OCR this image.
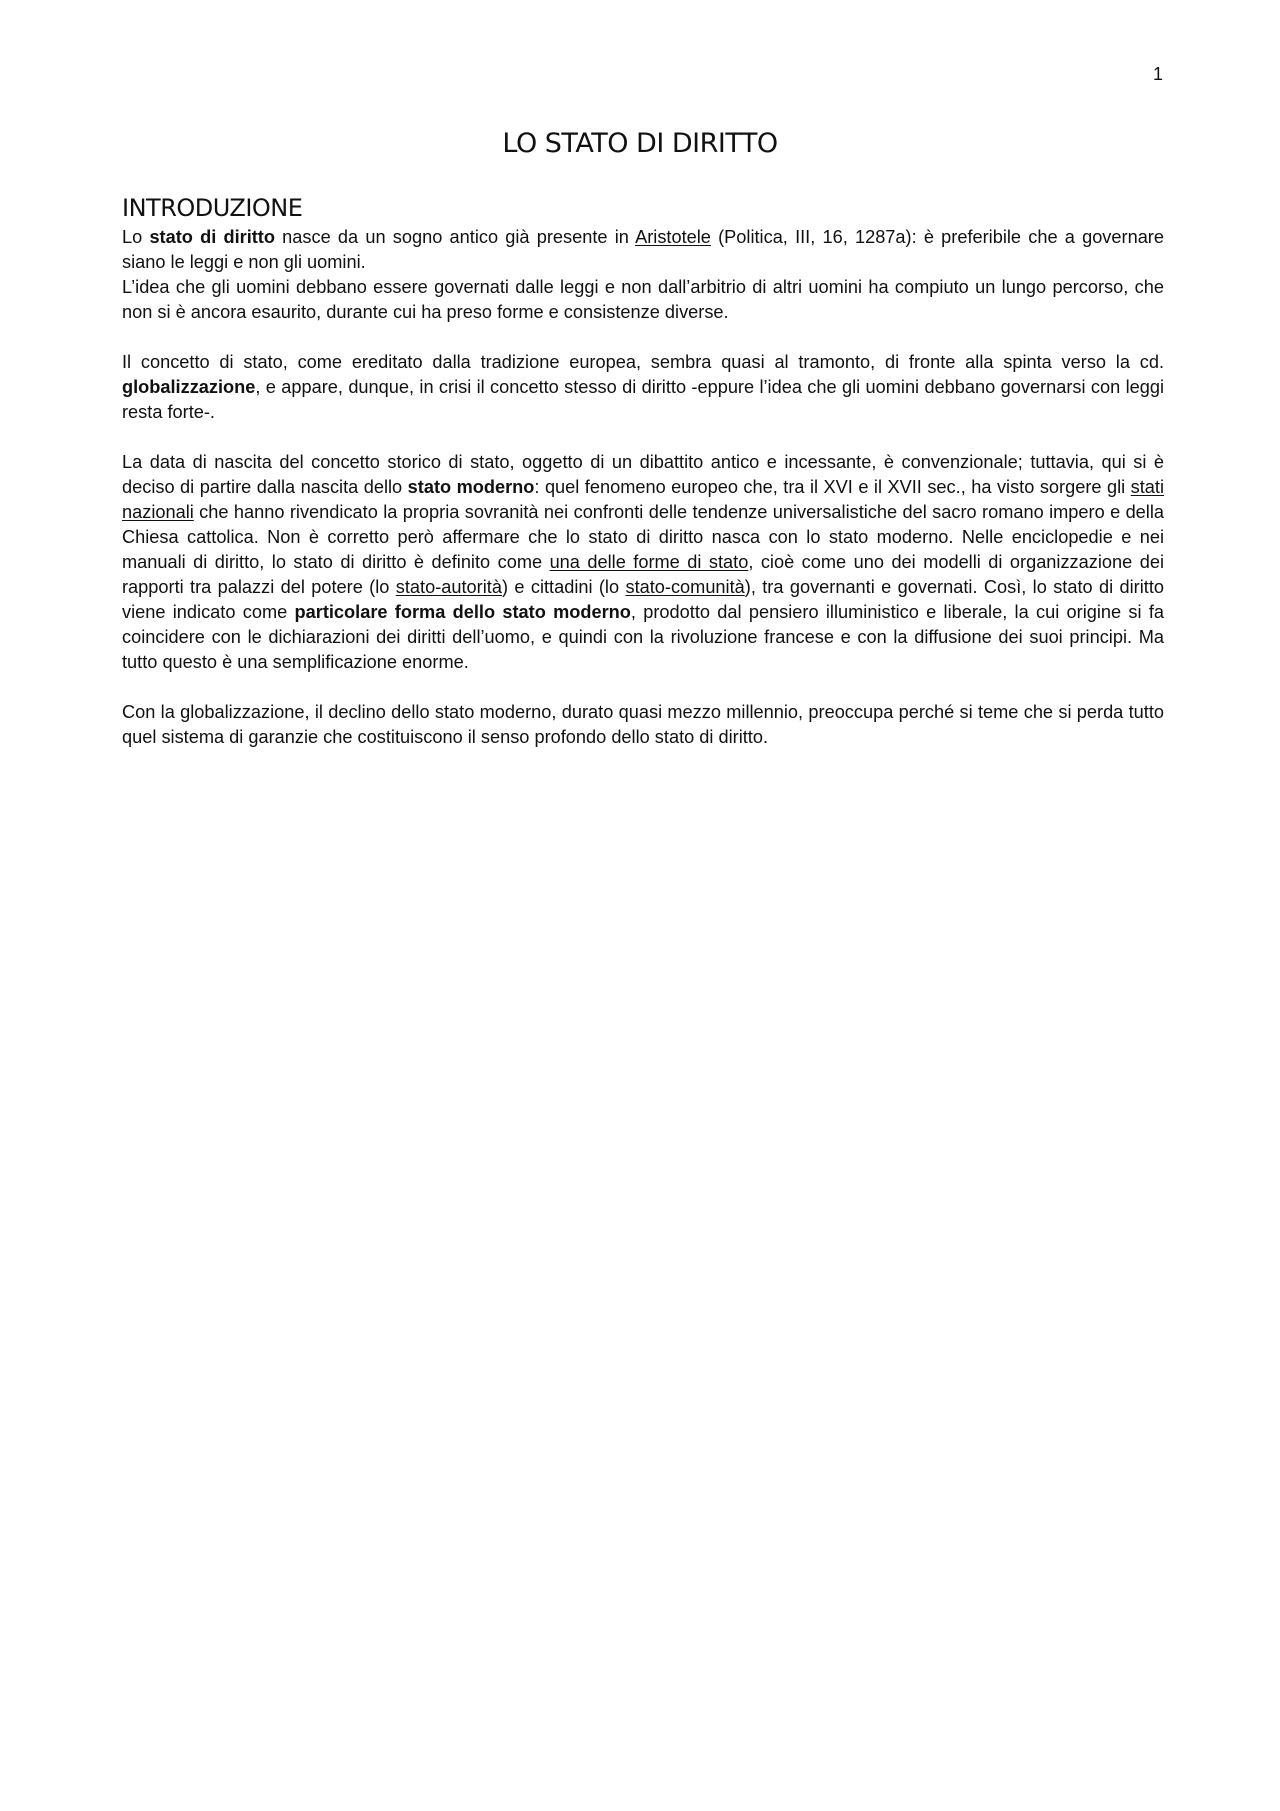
1
LO STATO DI DIRITTO
INTRODUZIONE

Lo stato di diritto nasce da un sogno antico già presente in Aristotele (Politica, III, 16, 1287a): è preferibile che a governare siano le leggi e non gli uomini.

L’idea che gli uomini debbano essere governati dalle leggi e non dall’arbitrio di altri uomini ha compiuto un lungo percorso, che non si è ancora esaurito, durante cui ha preso forme e consistenze diverse.

Il concetto di stato, come ereditato dalla tradizione europea, sembra quasi al tramonto, di fronte alla spinta verso la cd. globalizzazione, e appare, dunque, in crisi il concetto stesso di diritto -eppure l’idea che gli uomini debbano governarsi con leggi resta forte-.

La data di nascita del concetto storico di stato, oggetto di un dibattito antico e incessante, è convenzionale; tuttavia, qui si è deciso di partire dalla nascita dello stato moderno: quel fenomeno europeo che, tra il XVI e il XVII sec., ha visto sorgere gli stati nazionali che hanno rivendicato la propria sovranità nei confronti delle tendenze universalistiche del sacro romano impero e della Chiesa cattolica. Non è corretto però affermare che lo stato di diritto nasca con lo stato moderno. Nelle enciclopedie e nei manuali di diritto, lo stato di diritto è definito come una delle forme di stato, cioè come uno dei modelli di organizzazione dei rapporti tra palazzi del potere (lo stato-autorità) e cittadini (lo stato-comunità), tra governanti e governati. Così, lo stato di diritto viene indicato come particolare forma dello stato moderno, prodotto dal pensiero illuministico e liberale, la cui origine si fa coincidere con le dichiarazioni dei diritti dell’uomo, e quindi con la rivoluzione francese e con la diffusione dei suoi principi. Ma tutto questo è una semplificazione enorme.

Con la globalizzazione, il declino dello stato moderno, durato quasi mezzo millennio, preoccupa perché si teme che si perda tutto quel sistema di garanzie che costituiscono il senso profondo dello stato di diritto.
